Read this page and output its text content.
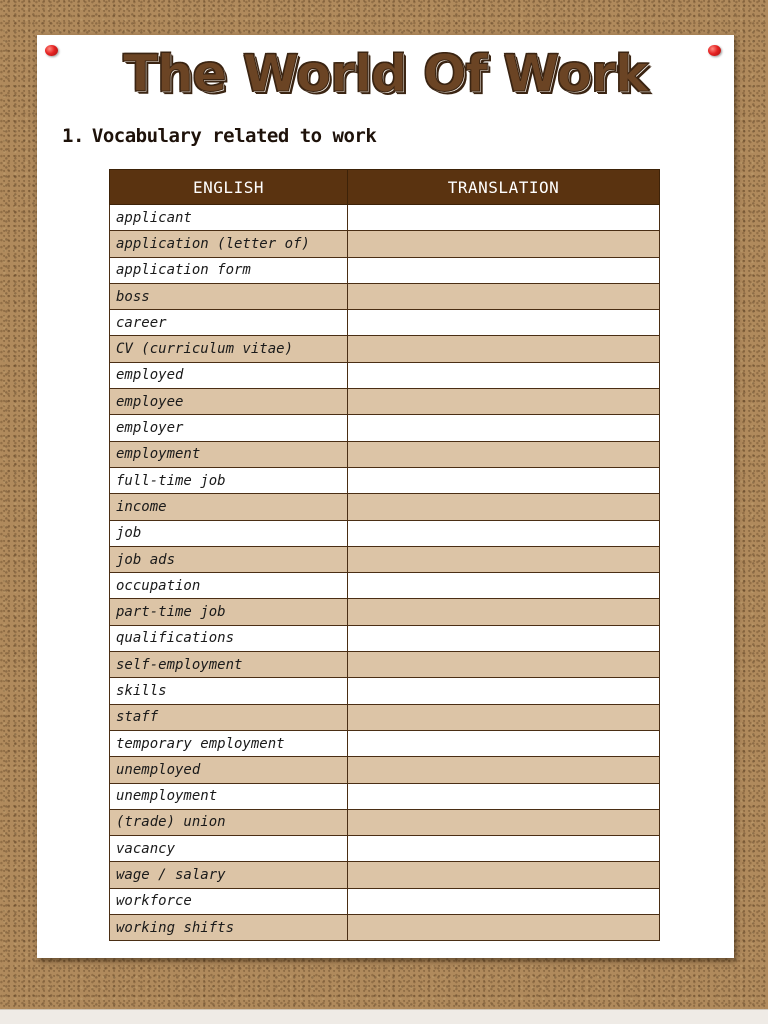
The World Of Work
1. Vocabulary related to work
ENGLISH	TRANSLATION
applicant	
application (letter of)	
application form	
boss	
career	
CV (curriculum vitae)	
employed	
employee	
employer	
employment	
full-time job	
income	
job	
job ads	
occupation	
part-time job	
qualifications	
self-employment	
skills	
staff	
temporary employment	
unemployed	
unemployment	
(trade) union	
vacancy	
wage / salary	
workforce	
working shifts	
